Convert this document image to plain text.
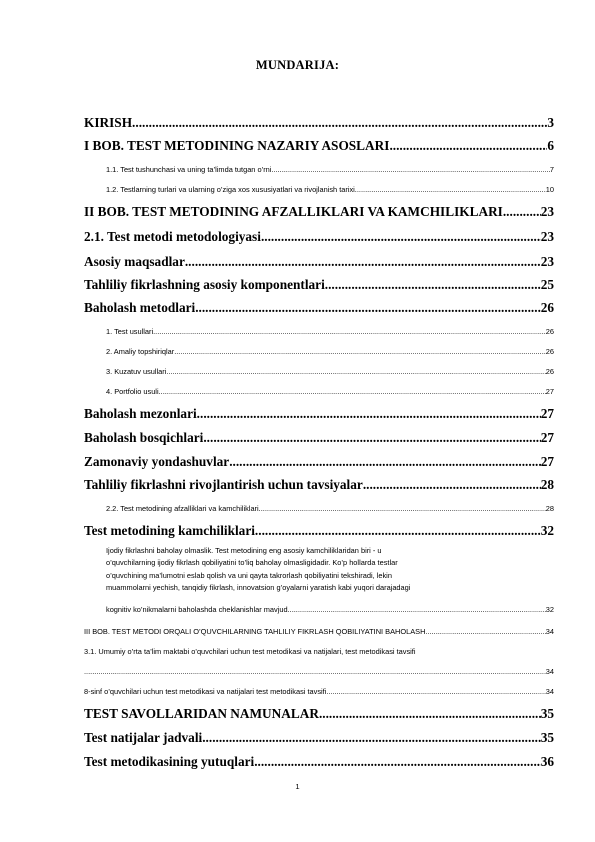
MUNDARIJA:
KIRISH .....	3
I BOB. TEST METODINING NAZARIY ASOSLARI .....	6
1.1. Test tushunchasi va uning ta’limda tutgan o’rni .....	7
1.2. Testlarning turlari va ularning o’ziga xos xususiyatlari va rivojlanish tarixi .....	10
II BOB. TEST METODINING AFZALLIKLARI VA KAMCHILIKLARI .....	23
2.1. Test metodi metodologiyasi .....	23
Asosiy maqsadlar .....	23
Tahliliy fikrlashning asosiy komponentlari .....	25
Baholash metodlari .....	26
1. Test usullari .....	26
2. Amaliy topshiriqlar .....	26
3. Kuzatuv usullari .....	26
4. Portfolio usuli .....	27
Baholash mezonlari .....	27
Baholash bosqichlari .....	27
Zamonaviy yondashuvlar .....	27
Tahliliy fikrlashni rivojlantirish uchun tavsiyalar .....	28
2.2. Test metodining afzalliklari va kamchiliklari .....	28
Test metodining kamchiliklari .....	32
Ijodiy fikrlashni baholay olmaslik. Test metodining eng asosiy kamchiliklaridan biri - u
o’quvchilarning ijodiy fikrlash qobiliyatini to’liq baholay olmasligidadir. Ko’p hollarda testlar
o’quvchining ma’lumotni eslab qolish va uni qayta takrorlash qobiliyatini tekshiradi, lekin
muammolarni yechish, tanqidiy fikrlash, innovatsion g’oyalarni yaratish kabi yuqori darajadagi
kognitiv ko’nikmalarni baholashda cheklanishlar mavjud .....	32
III BOB. TEST METODI ORQALI O’QUVCHILARNING TAHLILIY FIKRLASH QOBILIYATINI BAHOLASH .....	34
3.1. Umumiy o’rta ta’lim maktabi o’quvchilari uchun test metodikasi va natijalari, test metodikasi tavsifi
.....
34
8-sinf o’quvchilari uchun test metodikasi va natijalari test metodikasi tavsifi .....	34
TEST SAVOLLARIDAN NAMUNALAR .....	35
Test natijalar jadvali .....	35
Test metodikasining yutuqlari .....	36
1
